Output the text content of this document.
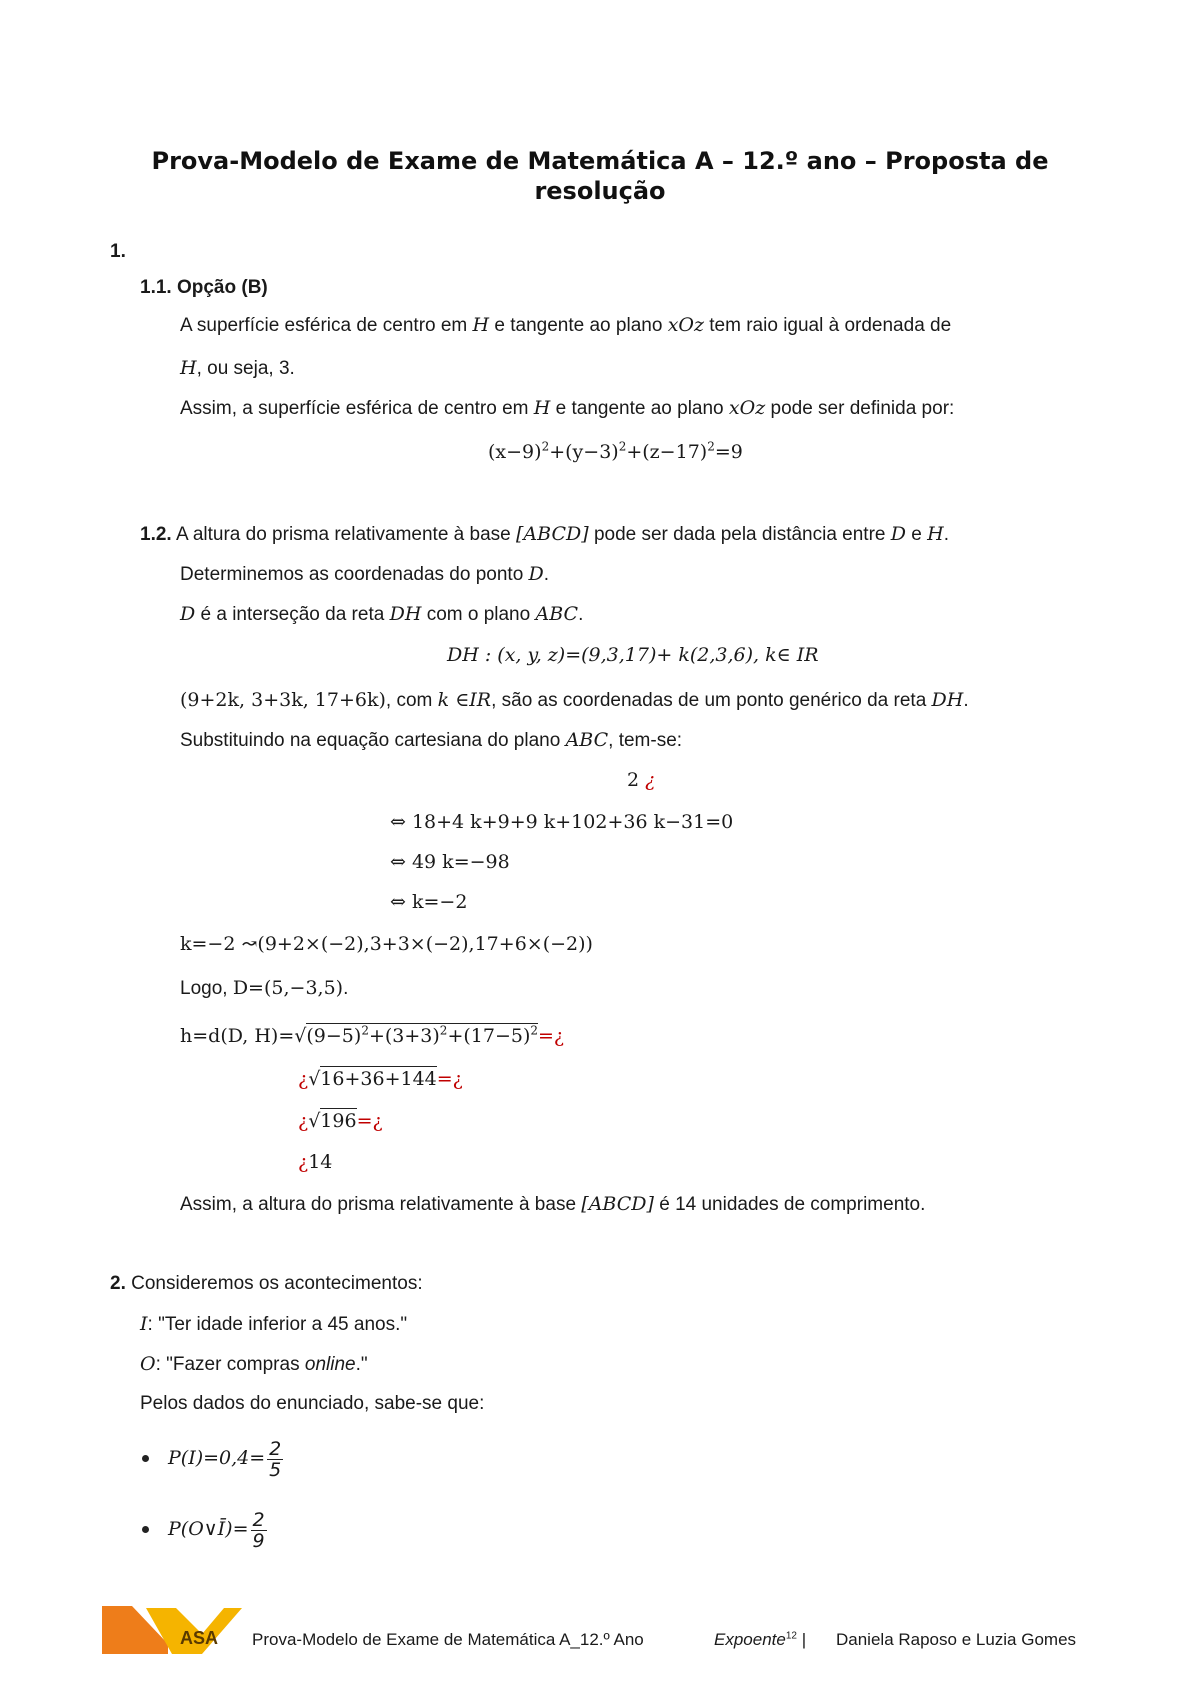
Prova-Modelo de Exame de Matemática A – 12.º ano – Proposta de
resolução
1.
1.1. Opção (B)
A superfície esférica de centro em H e tangente ao plano xOz tem raio igual à ordenada de
H, ou seja, 3.
Assim, a superfície esférica de centro em H e tangente ao plano xOz pode ser definida por:
$(x-9)^2+(y-3)^2+(z-17)^2=9$
1.2. A altura do prisma relativamente à base [ABCD] pode ser dada pela distância entre D e H.
Determinemos as coordenadas do ponto D.
D é a interseção da reta DH com o plano ABC.
DH : (x, y, z)=(9,3,17)+ k(2,3,6), k∈ IR
(9+2k, 3+3k, 17+6k), com k ∈IR, são as coordenadas de um ponto genérico da reta DH.
Substituindo na equação cartesiana do plano ABC, tem-se:
2 ¿
⇔ 18+4 k+9+9 k+102+36 k−31=0
⇔ 49 k=−98
⇔ k=−2
k=−2 ↝(9+2×(−2),3+3×(−2),17+6×(−2))
Logo, D=(5,−3,5).
h=d(D, $H)=√(9-5)^2+(3+3)^2+(17-5)^2=¿$
¿√16+36+144=¿
¿√196=¿
¿14
Assim, a altura do prisma relativamente à base [ABCD] é 14 unidades de comprimento.
2. Consideremos os acontecimentos:
I: "Ter idade inferior a 45 anos."
O: "Fazer compras online."
Pelos dados do enunciado, sabe-se que:
$P(I)=0,4= \frac{2}{5}$
P(O∨Ī)= $\frac{2}{9}$
ASA Prova-Modelo de Exame de Matemática A_12.º Ano	Expoente$^{12}$ | Daniela Raposo e Luzia Gomes
